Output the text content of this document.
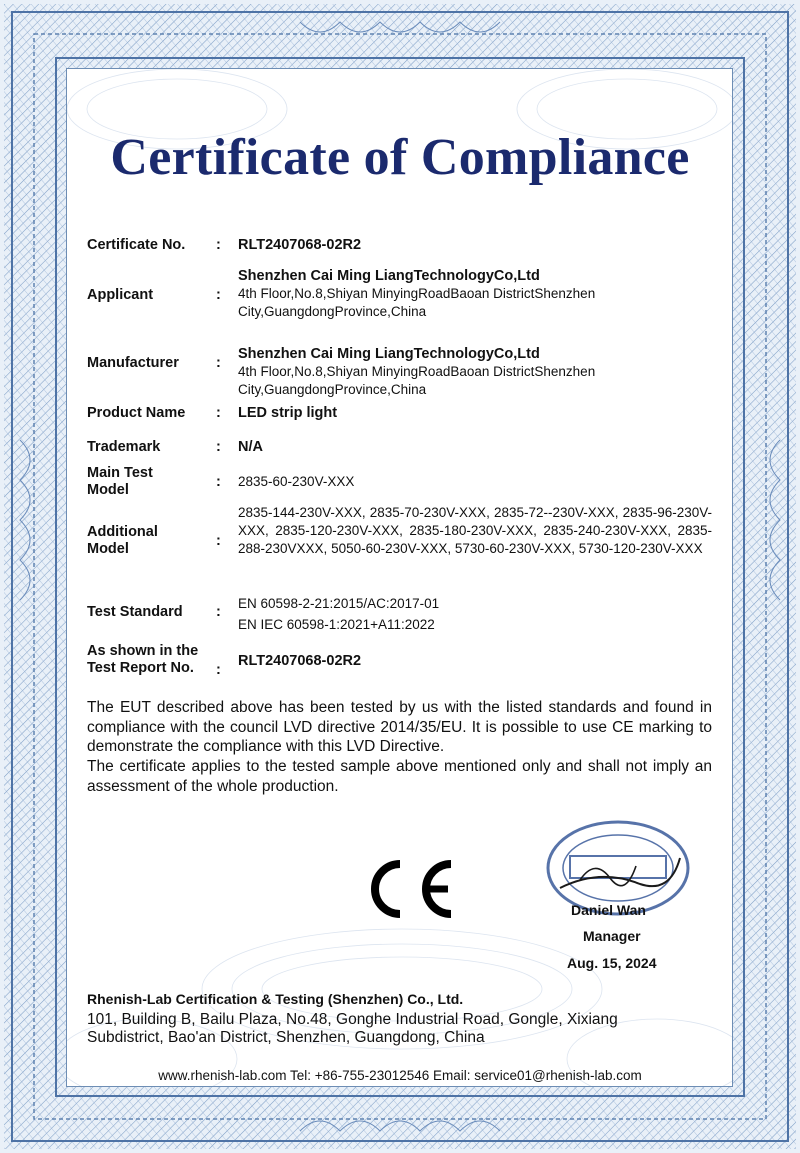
Certificate of Compliance
Certificate No. : RLT2407068-02R2
Applicant	:
Shenzhen Cai Ming LiangTechnologyCo,Ltd
4th Floor,No.8,Shiyan MinyingRoadBaoan DistrictShenzhen City,GuangdongProvince,China
Manufacturer	:
Shenzhen Cai Ming LiangTechnologyCo,Ltd
4th Floor,No.8,Shiyan MinyingRoadBaoan DistrictShenzhen City,GuangdongProvince,China
Product Name : LED strip light
Trademark	: N/A
Main Test Model	: 2835-60-230V-XXX
Additional Model	:
2835-144-230V-XXX, 2835-70-230V-XXX, 2835-72--230V-XXX, 2835-96-230V-XXX, 2835-120-230V-XXX, 2835-180-230V-XXX, 2835-240-230V-XXX, 2835-288-230VXXX, 5050-60-230V-XXX, 5730-60-230V-XXX, 5730-120-230V-XXX
Test Standard :
EN 60598-2-21:2015/AC:2017-01
EN IEC 60598-1:2021+A11:2022
As shown in the Test Report No.	:
RLT2407068-02R2
The EUT described above has been tested by us with the listed standards and found in compliance with the council LVD directive 2014/35/EU. It is possible to use CE marking to demonstrate the compliance with this LVD Directive.
The certificate applies to the tested sample above mentioned only and shall not imply an assessment of the whole production.
Daniel Wan
Manager
Aug. 15, 2024
Rhenish-Lab Certification & Testing (Shenzhen) Co., Ltd.
101, Building B, Bailu Plaza, No.48, Gonghe Industrial Road, Gongle, Xixiang Subdistrict, Bao'an District, Shenzhen, Guangdong, China
www.rhenish-lab.com Tel: +86-755-23012546 Email: service01@rhenish-lab.com
